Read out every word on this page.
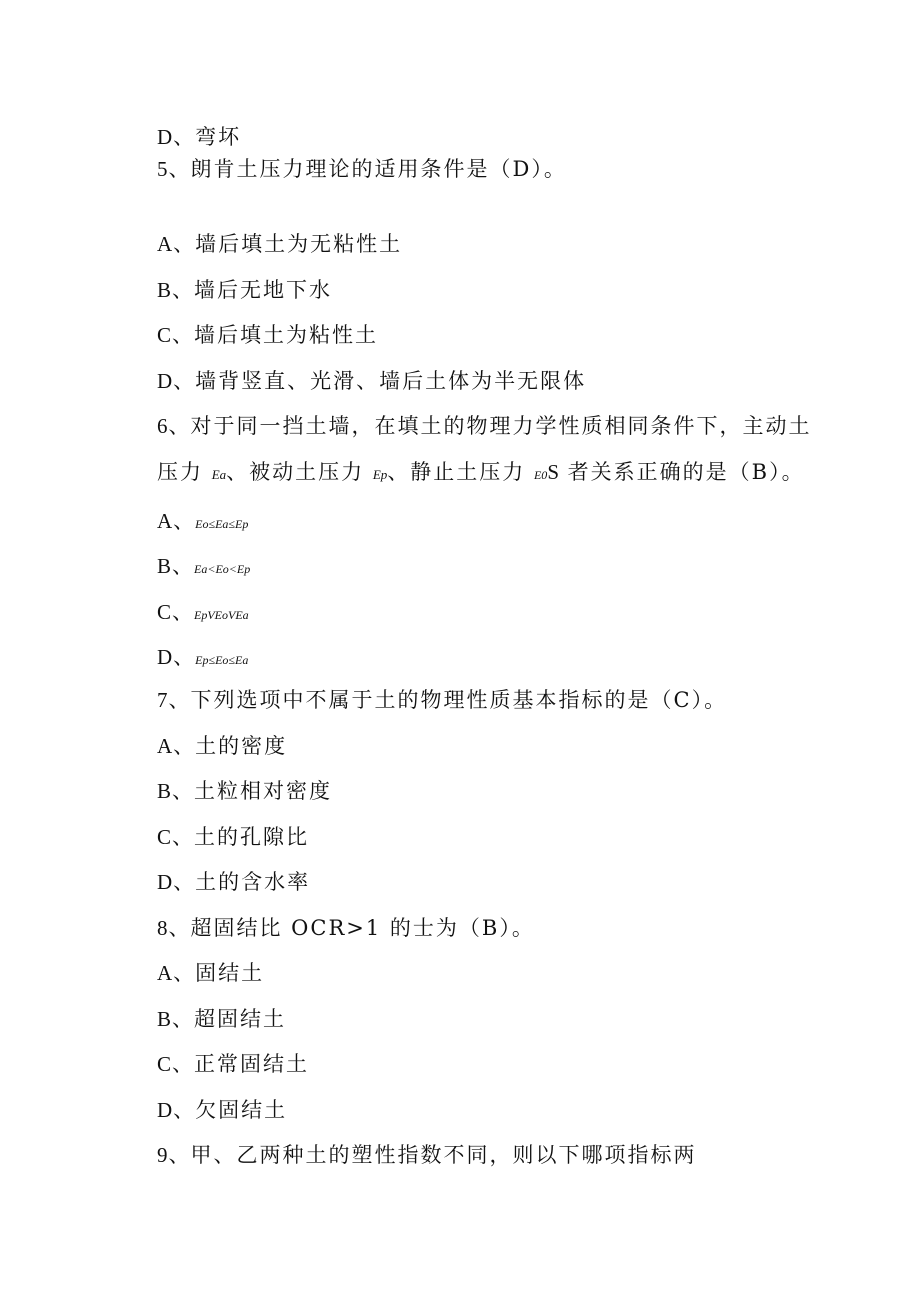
D、弯坏
5、朗肯土压力理论的适用条件是（D）。
A、墙后填土为无粘性土
B、墙后无地下水
C、墙后填土为粘性土
D、墙背竖直、光滑、墙后土体为半无限体
6、对于同一挡土墙，在填土的物理力学性质相同条件下，主动土
压力 Ea、被动土压力 Ep、静止土压力 E0S 者关系正确的是（B）。
A、Eo≤Ea≤Ep
B、Ea<Eo<Ep
C、EpVEoVEa
D、Ep≤Eo≤Ea
7、下列选项中不属于土的物理性质基本指标的是（C）。
A、土的密度
B、土粒相对密度
C、土的孔隙比
D、土的含水率
8、超固结比 OCR>1 的士为（B）。
A、固结土
B、超固结土
C、正常固结土
D、欠固结土
9、甲、乙两种土的塑性指数不同，则以下哪项指标两
